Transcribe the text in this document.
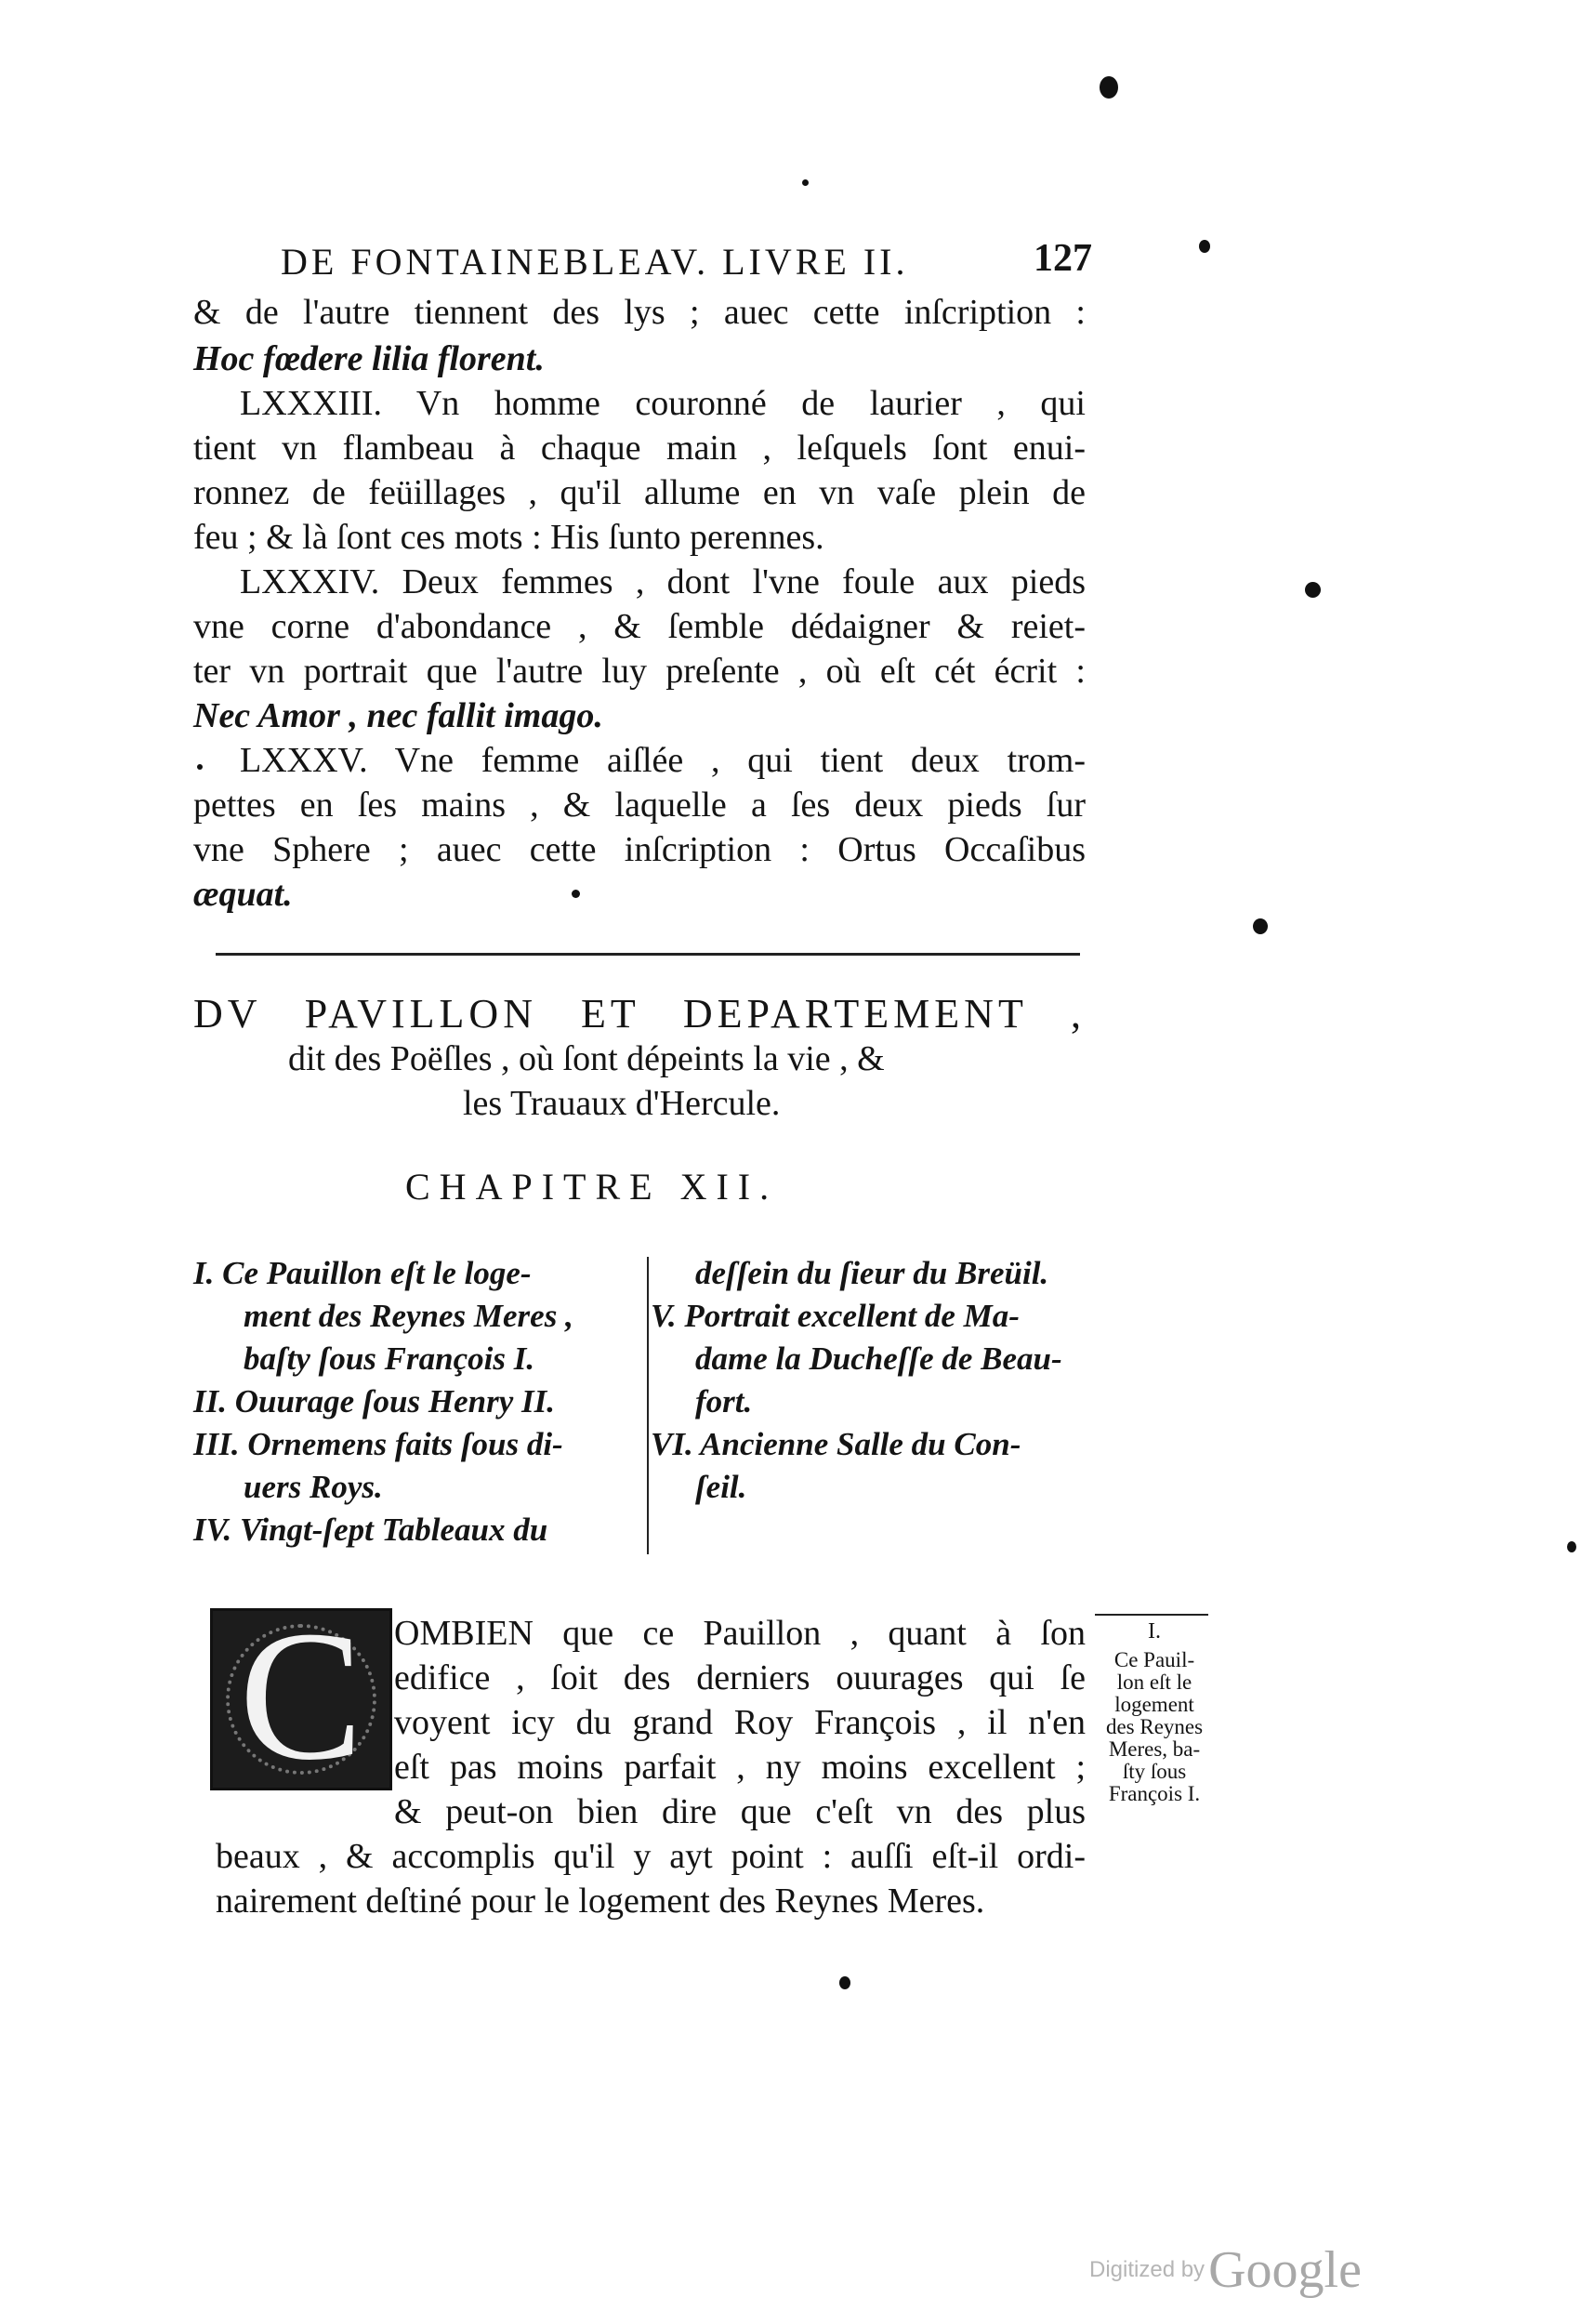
DE FONTAINEBLEAV. LIVRE II.	127
& de l'autre tiennent des lys ; auec cette inſcription :
Hoc fœdere lilia florent.
LXXXIII. Vn homme couronné de laurier , qui
tient vn flambeau à chaque main , leſquels ſont enui-
ronnez de feüillages , qu'il allume en vn vaſe plein de
feu ; & là ſont ces mots : His ſunto perennes.
LXXXIV. Deux femmes , dont l'vne foule aux pieds
vne corne d'abondance , & ſemble dédaigner & reiet-
ter vn portrait que l'autre luy preſente , où eſt cét écrit :
Nec Amor , nec fallit imago.
LXXXV. Vne femme aiſlée , qui tient deux trom-
pettes en ſes mains , & laquelle a ſes deux pieds ſur
vne Sphere ; auec cette inſcription : Ortus Occaſibus
æquat.
DV PAVILLON ET DEPARTEMENT ,
dit des Poëſles , où ſont dépeints la vie , &
les Trauaux d'Hercule.
CHAPITRE XII.
I. Ce Pauillon eſt le loge-
ment des Reynes Meres ,
baſty ſous François I.
II. Ouurage ſous Henry II.
III. Ornemens faits ſous di-
uers Roys.
IV. Vingt-ſept Tableaux du
deſſein du ſieur du Breüil.
V. Portrait excellent de Ma-
dame la Ducheſſe de Beau-
fort.
VI. Ancienne Salle du Con-
ſeil.
C OMBIEN que ce Pauillon , quant à ſon
edifice , ſoit des derniers ouurages qui ſe
voyent icy du grand Roy François , il n'en
eſt pas moins parfait , ny moins excellent ;
& peut-on bien dire que c'eſt vn des plus
beaux , & accomplis qu'il y ayt point : auſſi eſt-il ordi-
nairement deſtiné pour le logement des Reynes Meres.
I.
Ce Pauil-
lon eſt le
logement
des Reynes
Meres, ba-
ſty ſous
François I.
Digitized by Google
